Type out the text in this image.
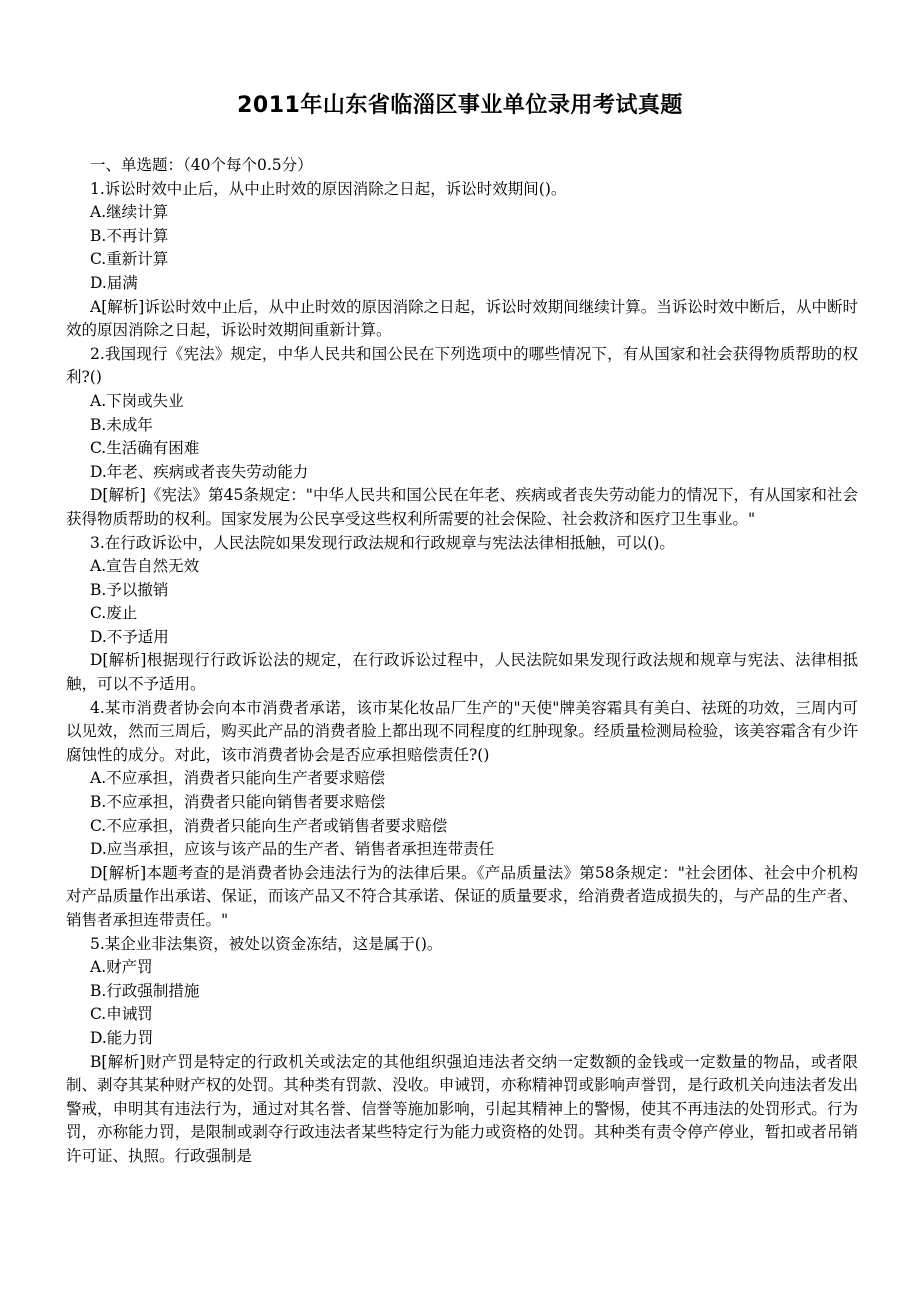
2011年山东省临淄区事业单位录用考试真题

一、单选题：（40个每个0.5分）

1.诉讼时效中止后，从中止时效的原因消除之日起，诉讼时效期间()。

A.继续计算

B.不再计算

C.重新计算

D.届满

A[解析]诉讼时效中止后，从中止时效的原因消除之日起，诉讼时效期间继续计算。当诉讼时效中断后，从中断时效的原因消除之日起，诉讼时效期间重新计算。

2.我国现行《宪法》规定，中华人民共和国公民在下列选项中的哪些情况下，有从国家和社会获得物质帮助的权利?()

A.下岗或失业

B.未成年

C.生活确有困难

D.年老、疾病或者丧失劳动能力

D[解析]《宪法》第45条规定："中华人民共和国公民在年老、疾病或者丧失劳动能力的情况下，有从国家和社会获得物质帮助的权利。国家发展为公民享受这些权利所需要的社会保险、社会救济和医疗卫生事业。"

3.在行政诉讼中，人民法院如果发现行政法规和行政规章与宪法法律相抵触，可以()。

A.宣告自然无效

B.予以撤销

C.废止

D.不予适用

D[解析]根据现行行政诉讼法的规定，在行政诉讼过程中，人民法院如果发现行政法规和规章与宪法、法律相抵触，可以不予适用。

4.某市消费者协会向本市消费者承诺，该市某化妆品厂生产的"天使"牌美容霜具有美白、祛斑的功效，三周内可以见效，然而三周后，购买此产品的消费者脸上都出现不同程度的红肿现象。经质量检测局检验，该美容霜含有少许腐蚀性的成分。对此，该市消费者协会是否应承担赔偿责任?()

A.不应承担，消费者只能向生产者要求赔偿

B.不应承担，消费者只能向销售者要求赔偿

C.不应承担，消费者只能向生产者或销售者要求赔偿

D.应当承担，应该与该产品的生产者、销售者承担连带责任

D[解析]本题考查的是消费者协会违法行为的法律后果。《产品质量法》第58条规定："社会团体、社会中介机构对产品质量作出承诺、保证，而该产品又不符合其承诺、保证的质量要求，给消费者造成损失的，与产品的生产者、销售者承担连带责任。"

5.某企业非法集资，被处以资金冻结，这是属于()。

A.财产罚

B.行政强制措施

C.申诫罚

D.能力罚

B[解析]财产罚是特定的行政机关或法定的其他组织强迫违法者交纳一定数额的金钱或一定数量的物品，或者限制、剥夺其某种财产权的处罚。其种类有罚款、没收。申诫罚，亦称精神罚或影响声誉罚，是行政机关向违法者发出警戒，申明其有违法行为，通过对其名誉、信誉等施加影响，引起其精神上的警惕，使其不再违法的处罚形式。行为罚，亦称能力罚，是限制或剥夺行政违法者某些特定行为能力或资格的处罚。其种类有责令停产停业，暂扣或者吊销许可证、执照。行政强制是
